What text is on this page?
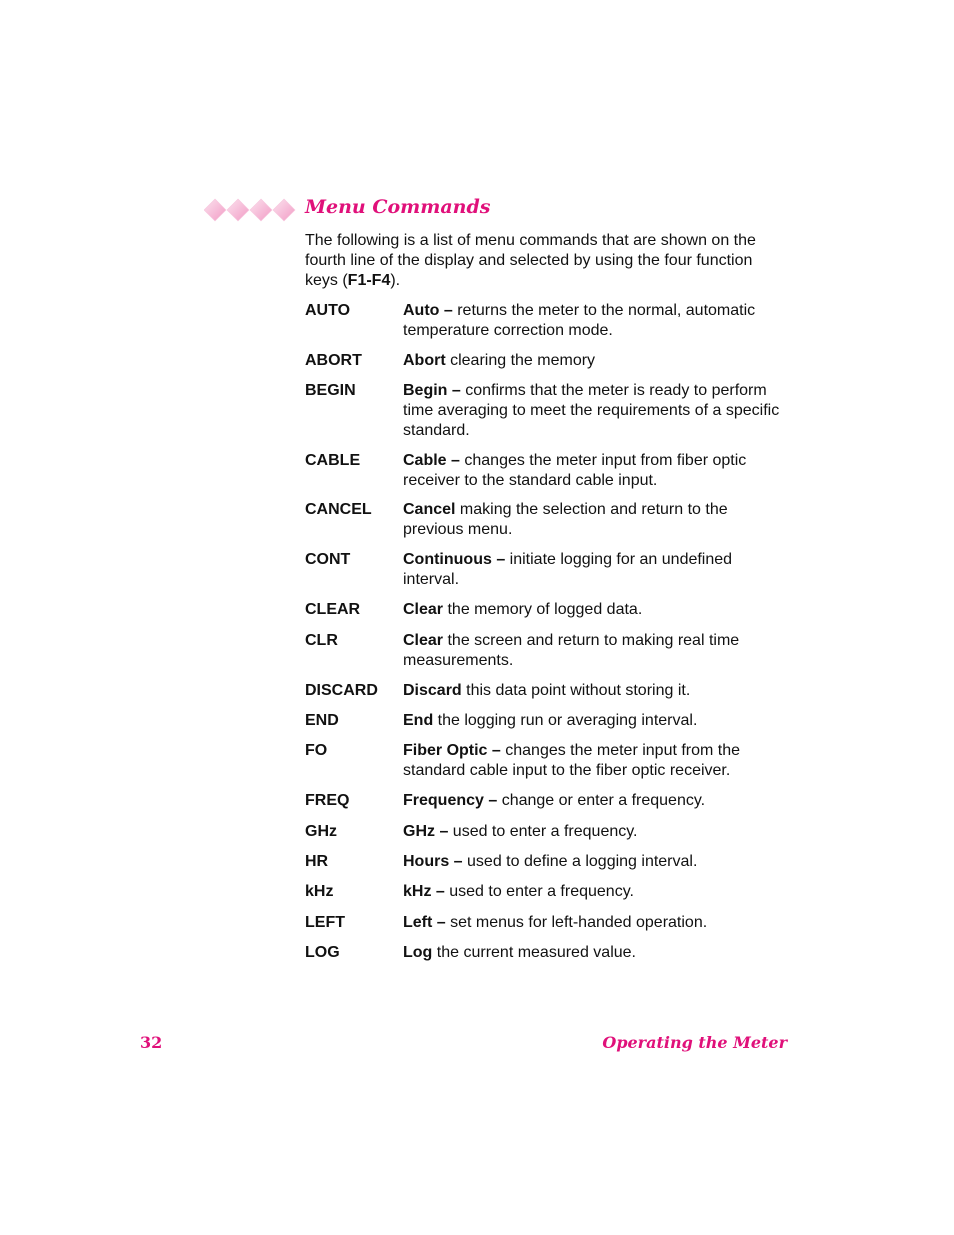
Menu Commands

The following is a list of menu commands that are shown on the fourth line of the display and selected by using the four function keys (F1-F4).

AUTO	Auto – returns the meter to the normal, automatic temperature correction mode.
ABORT	Abort clearing the memory
BEGIN	Begin – confirms that the meter is ready to perform time averaging to meet the requirements of a specific standard.
CABLE	Cable – changes the meter input from fiber optic receiver to the standard cable input.
CANCEL Cancel making the selection and return to the previous menu.
CONT	Continuous – initiate logging for an undefined interval.
CLEAR	Clear the memory of logged data.
CLR	Clear the screen and return to making real time measurements.
DISCARD Discard this data point without storing it.
END	End the logging run or averaging interval.
FO	Fiber Optic – changes the meter input from the standard cable input to the fiber optic receiver.
FREQ	Frequency – change or enter a frequency.
GHz	GHz – used to enter a frequency.
HR	Hours – used to define a logging interval.
kHz	kHz – used to enter a frequency.
LEFT	Left – set menus for left-handed operation.
LOG	Log the current measured value.
32	Operating the Meter
